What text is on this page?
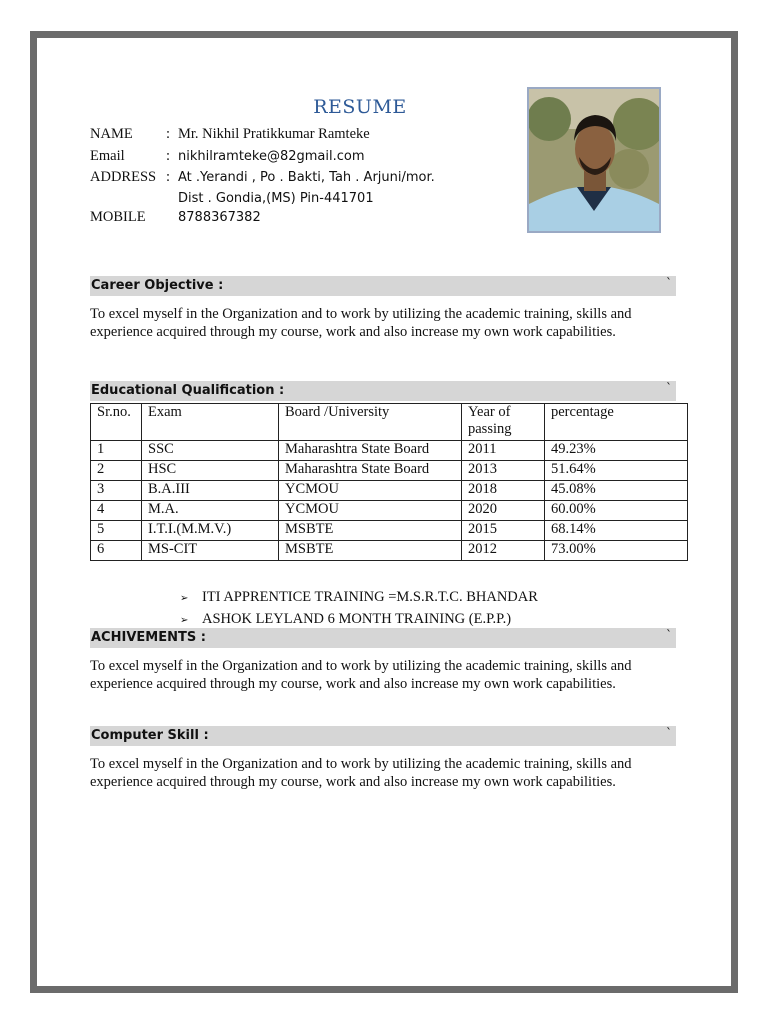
RESUME
NAME : Mr. Nikhil Pratikkumar Ramteke
Email	: nikhilramteke@82gmail.com
ADDRESS : At .Yerandi , Po . Bakti, Tah . Arjuni/mor.
Dist . Gondia,(MS) Pin-441701
MOBILE 8788367382
Career Objective :	`
To excel myself in the Organization and to work by utilizing the academic training, skills and
experience acquired through my course, work and also increase my own work capabilities.
Educational Qualification :	`
Sr.no.	Exam	Board /University	Year of passing	percentage
1	SSC	Maharashtra State Board	2011	49.23%
2	HSC	Maharashtra State Board	2013	51.64%
3	B.A.III	YCMOU	2018	45.08%
4	M.A.	YCMOU	2020	60.00%
5	I.T.I.(M.M.V.)	MSBTE	2015	68.14%
6	MS-CIT	MSBTE	2012	73.00%
➢ ITI APPRENTICE TRAINING =M.S.R.T.C. BHANDAR
➢ ASHOK LEYLAND 6 MONTH TRAINING (E.P.P.)
ACHIVEMENTS :	`
To excel myself in the Organization and to work by utilizing the academic training, skills and
experience acquired through my course, work and also increase my own work capabilities.
Computer Skill :	`
To excel myself in the Organization and to work by utilizing the academic training, skills and
experience acquired through my course, work and also increase my own work capabilities.
